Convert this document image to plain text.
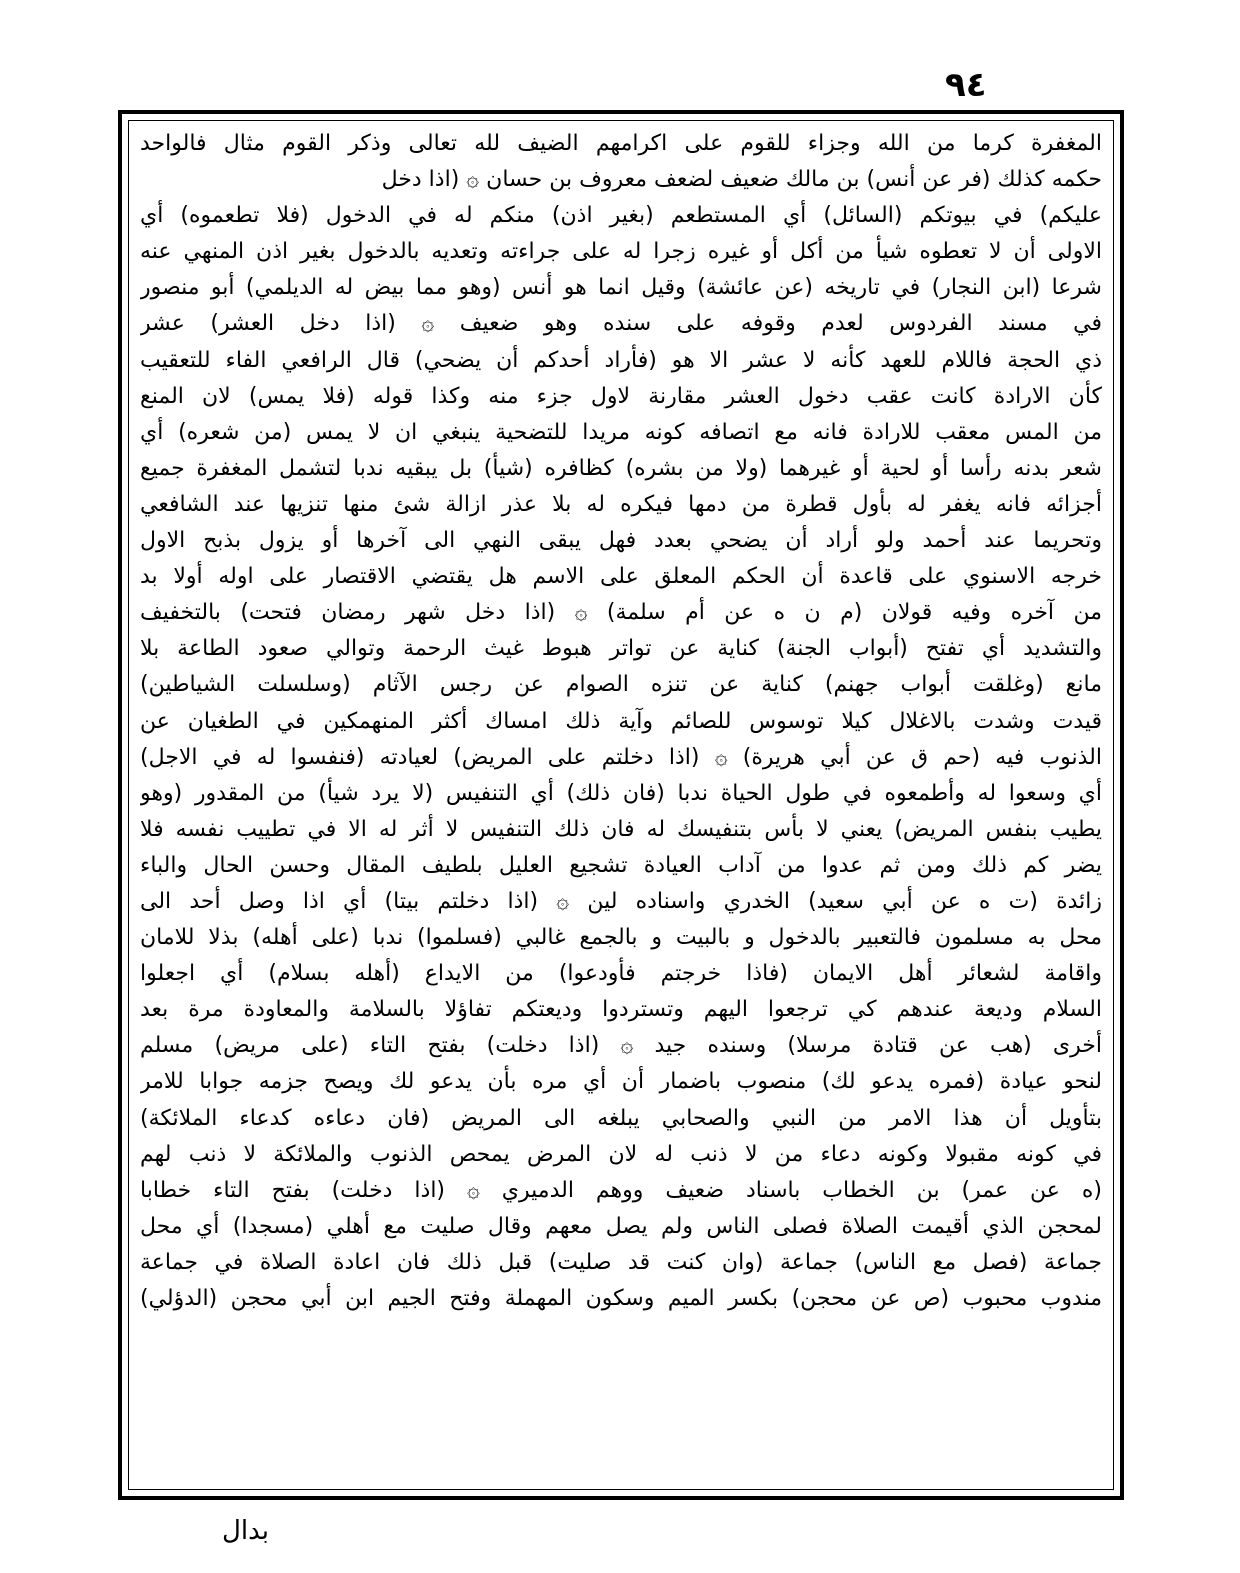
٩٤
المغفرة كرما من الله وجزاء للقوم على اكرامهم الضيف لله تعالى وذكر القوم مثال فالواحد
حكمه كذلك (فر عن أنس) بن مالك ضعيف لضعف معروف بن حسان ۞ (اذا دخل
عليكم) في بيوتكم (السائل) أي المستطعم (بغير اذن) منكم له في الدخول (فلا تطعموه) أي
الاولى أن لا تعطوه شيأ من أكل أو غيره زجرا له على جراءته وتعديه بالدخول بغير اذن المنهي عنه
شرعا (ابن النجار) في تاريخه (عن عائشة) وقيل انما هو أنس (وهو مما بيض له الديلمي) أبو منصور
في مسند الفردوس لعدم وقوفه على سنده وهو ضعيف ۞ (اذا دخل العشر) عشر
ذي الحجة فاللام للعهد كأنه لا عشر الا هو (فأراد أحدكم أن يضحي) قال الرافعي الفاء للتعقيب
كأن الارادة كانت عقب دخول العشر مقارنة لاول جزء منه وكذا قوله (فلا يمس) لان المنع
من المس معقب للارادة فانه مع اتصافه كونه مريدا للتضحية ينبغي ان لا يمس (من شعره) أي
شعر بدنه رأسا أو لحية أو غيرهما (ولا من بشره) كظافره (شيأ) بل يبقيه ندبا لتشمل المغفرة جميع
أجزائه فانه يغفر له بأول قطرة من دمها فيكره له بلا عذر ازالة شئ منها تنزيها عند الشافعي
وتحريما عند أحمد ولو أراد أن يضحي بعدد فهل يبقى النهي الى آخرها أو يزول بذبح الاول
خرجه الاسنوي على قاعدة أن الحكم المعلق على الاسم هل يقتضي الاقتصار على اوله أولا بد
من آخره وفيه قولان (م ن ه عن أم سلمة) ۞ (اذا دخل شهر رمضان فتحت) بالتخفيف
والتشديد أي تفتح (أبواب الجنة) كناية عن تواتر هبوط غيث الرحمة وتوالي صعود الطاعة بلا
مانع (وغلقت أبواب جهنم) كناية عن تنزه الصوام عن رجس الآثام (وسلسلت الشياطين)
قيدت وشدت بالاغلال كيلا توسوس للصائم وآية ذلك امساك أكثر المنهمكين في الطغيان عن
الذنوب فيه (حم ق عن أبي هريرة) ۞ (اذا دخلتم على المريض) لعيادته (فنفسوا له في الاجل)
أي وسعوا له وأطمعوه في طول الحياة ندبا (فان ذلك) أي التنفيس (لا يرد شيأ) من المقدور (وهو
يطيب بنفس المريض) يعني لا بأس بتنفيسك له فان ذلك التنفيس لا أثر له الا في تطييب نفسه فلا
يضر كم ذلك ومن ثم عدوا من آداب العيادة تشجيع العليل بلطيف المقال وحسن الحال والباء
زائدة (ت ه عن أبي سعيد) الخدري واسناده لين ۞ (اذا دخلتم بيتا) أي اذا وصل أحد الى
محل به مسلمون فالتعبير بالدخول و بالبيت و بالجمع غالبي (فسلموا) ندبا (على أهله) بذلا للامان
واقامة لشعائر أهل الايمان (فاذا خرجتم فأودعوا) من الايداع (أهله بسلام) أي اجعلوا
السلام وديعة عندهم كي ترجعوا اليهم وتستردوا وديعتكم تفاؤلا بالسلامة والمعاودة مرة بعد
أخرى (هب عن قتادة مرسلا) وسنده جيد ۞ (اذا دخلت) بفتح التاء (على مريض) مسلم
لنحو عيادة (فمره يدعو لك) منصوب باضمار أن أي مره بأن يدعو لك ويصح جزمه جوابا للامر
بتأويل أن هذا الامر من النبي والصحابي يبلغه الى المريض (فان دعاءه كدعاء الملائكة)
في كونه مقبولا وكونه دعاء من لا ذنب له لان المرض يمحص الذنوب والملائكة لا ذنب لهم
(ه عن عمر) بن الخطاب باسناد ضعيف ووهم الدميري ۞ (اذا دخلت) بفتح التاء خطابا
لمحجن الذي أقيمت الصلاة فصلى الناس ولم يصل معهم وقال صليت مع أهلي (مسجدا) أي محل
جماعة (فصل مع الناس) جماعة (وان كنت قد صليت) قبل ذلك فان اعادة الصلاة في جماعة
مندوب محبوب (ص عن محجن) بكسر الميم وسكون المهملة وفتح الجيم ابن أبي محجن (الدؤلي)
بدال
